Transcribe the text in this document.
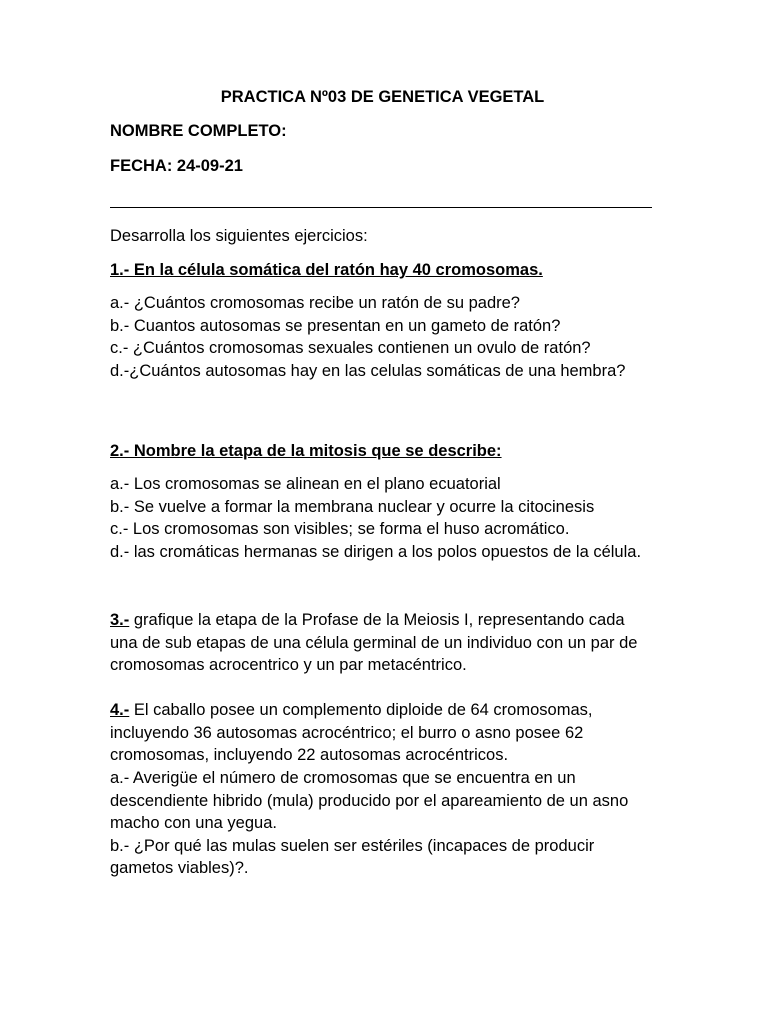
PRACTICA Nº03 DE GENETICA VEGETAL
NOMBRE COMPLETO:
FECHA: 24-09-21
Desarrolla los siguientes ejercicios:
1.- En la célula somática del ratón hay 40 cromosomas.
a.- ¿Cuántos cromosomas recibe un ratón de su padre?
b.- Cuantos autosomas se presentan en un gameto de ratón?
c.- ¿Cuántos cromosomas sexuales contienen un ovulo de ratón?
d.-¿Cuántos autosomas hay en las celulas somáticas de una hembra?
2.- Nombre la etapa de la mitosis que se describe:
a.- Los cromosomas se alinean en el plano ecuatorial
b.- Se vuelve a formar la membrana nuclear y ocurre la citocinesis
c.- Los cromosomas son visibles; se forma el huso acromático.
d.- las cromáticas hermanas se dirigen a los polos opuestos de la célula.

3.- grafique la etapa de la Profase de la Meiosis I, representando cada una de sub etapas de una célula germinal de un individuo con un par de cromosomas acrocentrico y un par metacéntrico.

4.- El caballo posee un complemento diploide de 64 cromosomas, incluyendo 36 autosomas acrocéntrico; el burro o asno posee 62 cromosomas, incluyendo 22 autosomas acrocéntricos.

a.- Averigüe el número de cromosomas que se encuentra en un descendiente hibrido (mula) producido por el apareamiento de un asno macho con una yegua.
b.- ¿Por qué las mulas suelen ser estériles (incapaces de producir gametos viables)?.
